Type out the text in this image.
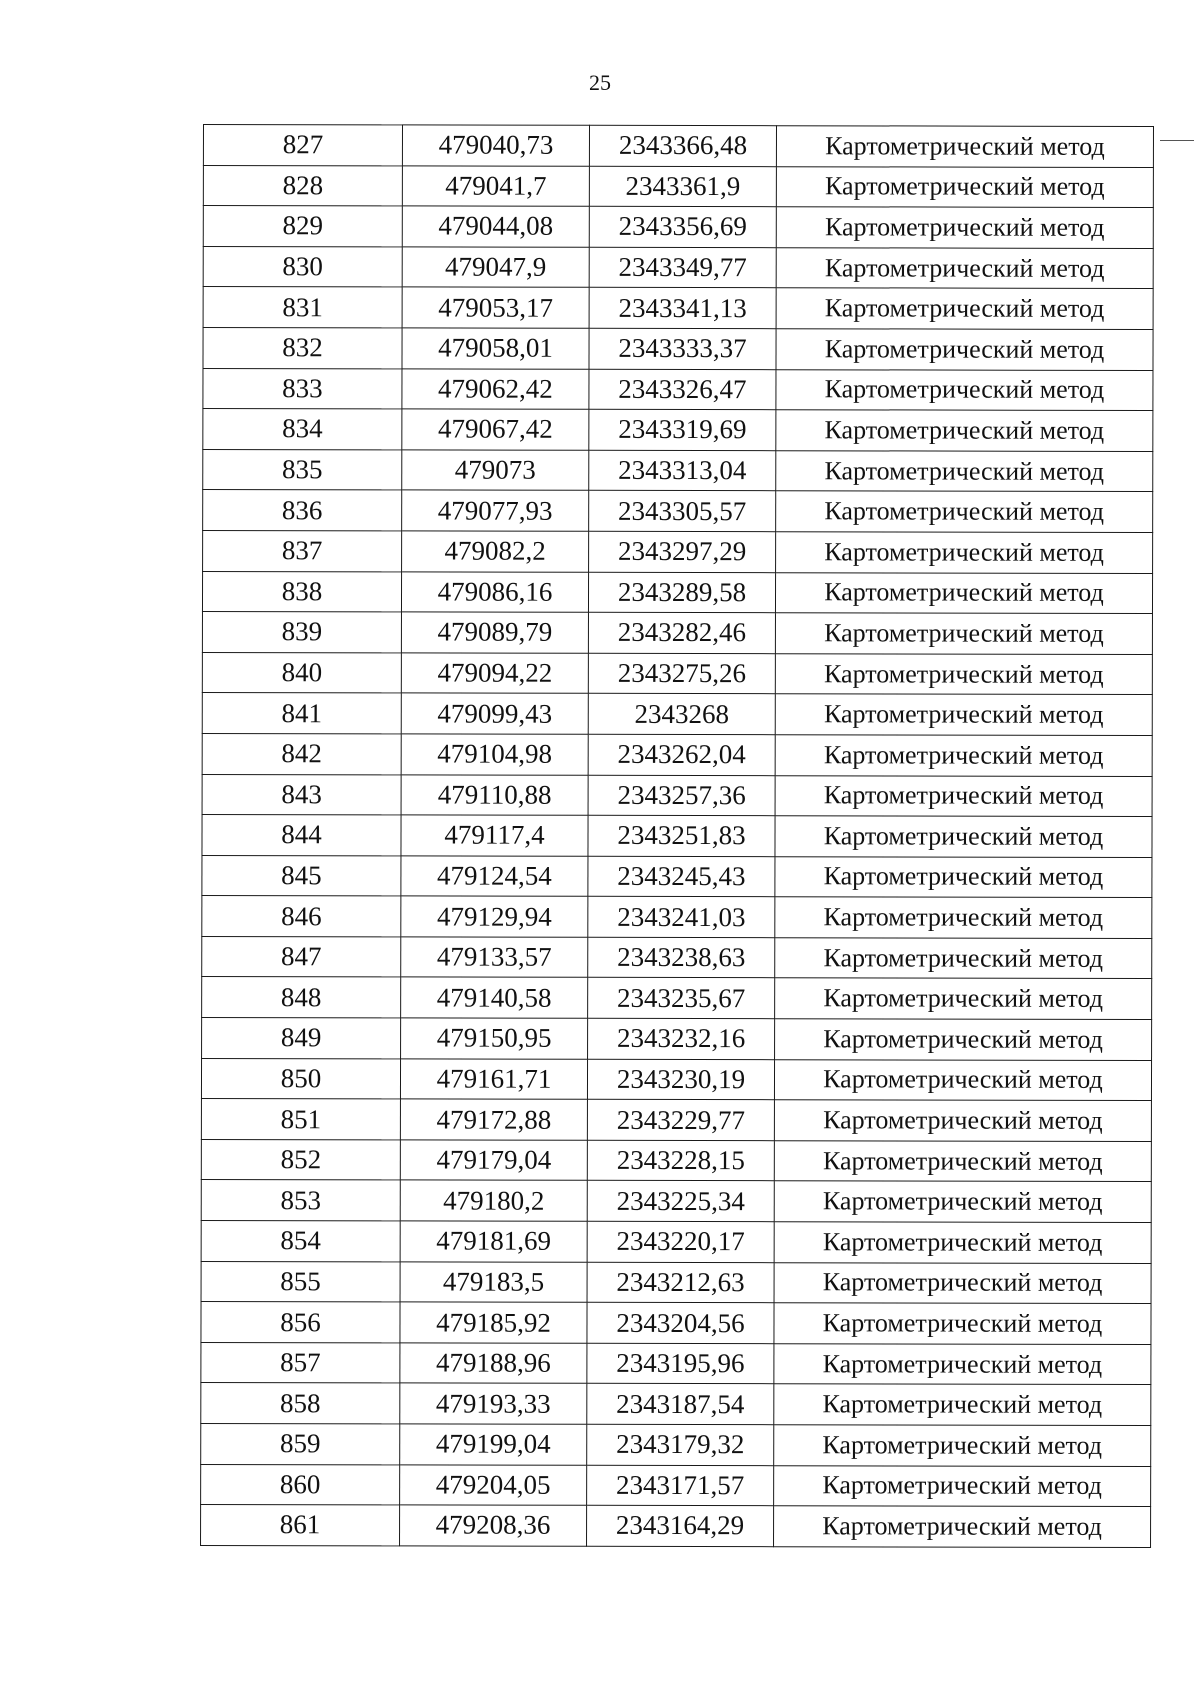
25
827	479040,73	2343366,48	Картометрический метод
828	479041,7	2343361,9	Картометрический метод
829	479044,08	2343356,69	Картометрический метод
830	479047,9	2343349,77	Картометрический метод
831	479053,17	2343341,13	Картометрический метод
832	479058,01	2343333,37	Картометрический метод
833	479062,42	2343326,47	Картометрический метод
834	479067,42	2343319,69	Картометрический метод
835	479073	2343313,04	Картометрический метод
836	479077,93	2343305,57	Картометрический метод
837	479082,2	2343297,29	Картометрический метод
838	479086,16	2343289,58	Картометрический метод
839	479089,79	2343282,46	Картометрический метод
840	479094,22	2343275,26	Картометрический метод
841	479099,43	2343268	Картометрический метод
842	479104,98	2343262,04	Картометрический метод
843	479110,88	2343257,36	Картометрический метод
844	479117,4	2343251,83	Картометрический метод
845	479124,54	2343245,43	Картометрический метод
846	479129,94	2343241,03	Картометрический метод
847	479133,57	2343238,63	Картометрический метод
848	479140,58	2343235,67	Картометрический метод
849	479150,95	2343232,16	Картометрический метод
850	479161,71	2343230,19	Картометрический метод
851	479172,88	2343229,77	Картометрический метод
852	479179,04	2343228,15	Картометрический метод
853	479180,2	2343225,34	Картометрический метод
854	479181,69	2343220,17	Картометрический метод
855	479183,5	2343212,63	Картометрический метод
856	479185,92	2343204,56	Картометрический метод
857	479188,96	2343195,96	Картометрический метод
858	479193,33	2343187,54	Картометрический метод
859	479199,04	2343179,32	Картометрический метод
860	479204,05	2343171,57	Картометрический метод
861	479208,36	2343164,29	Картометрический метод
